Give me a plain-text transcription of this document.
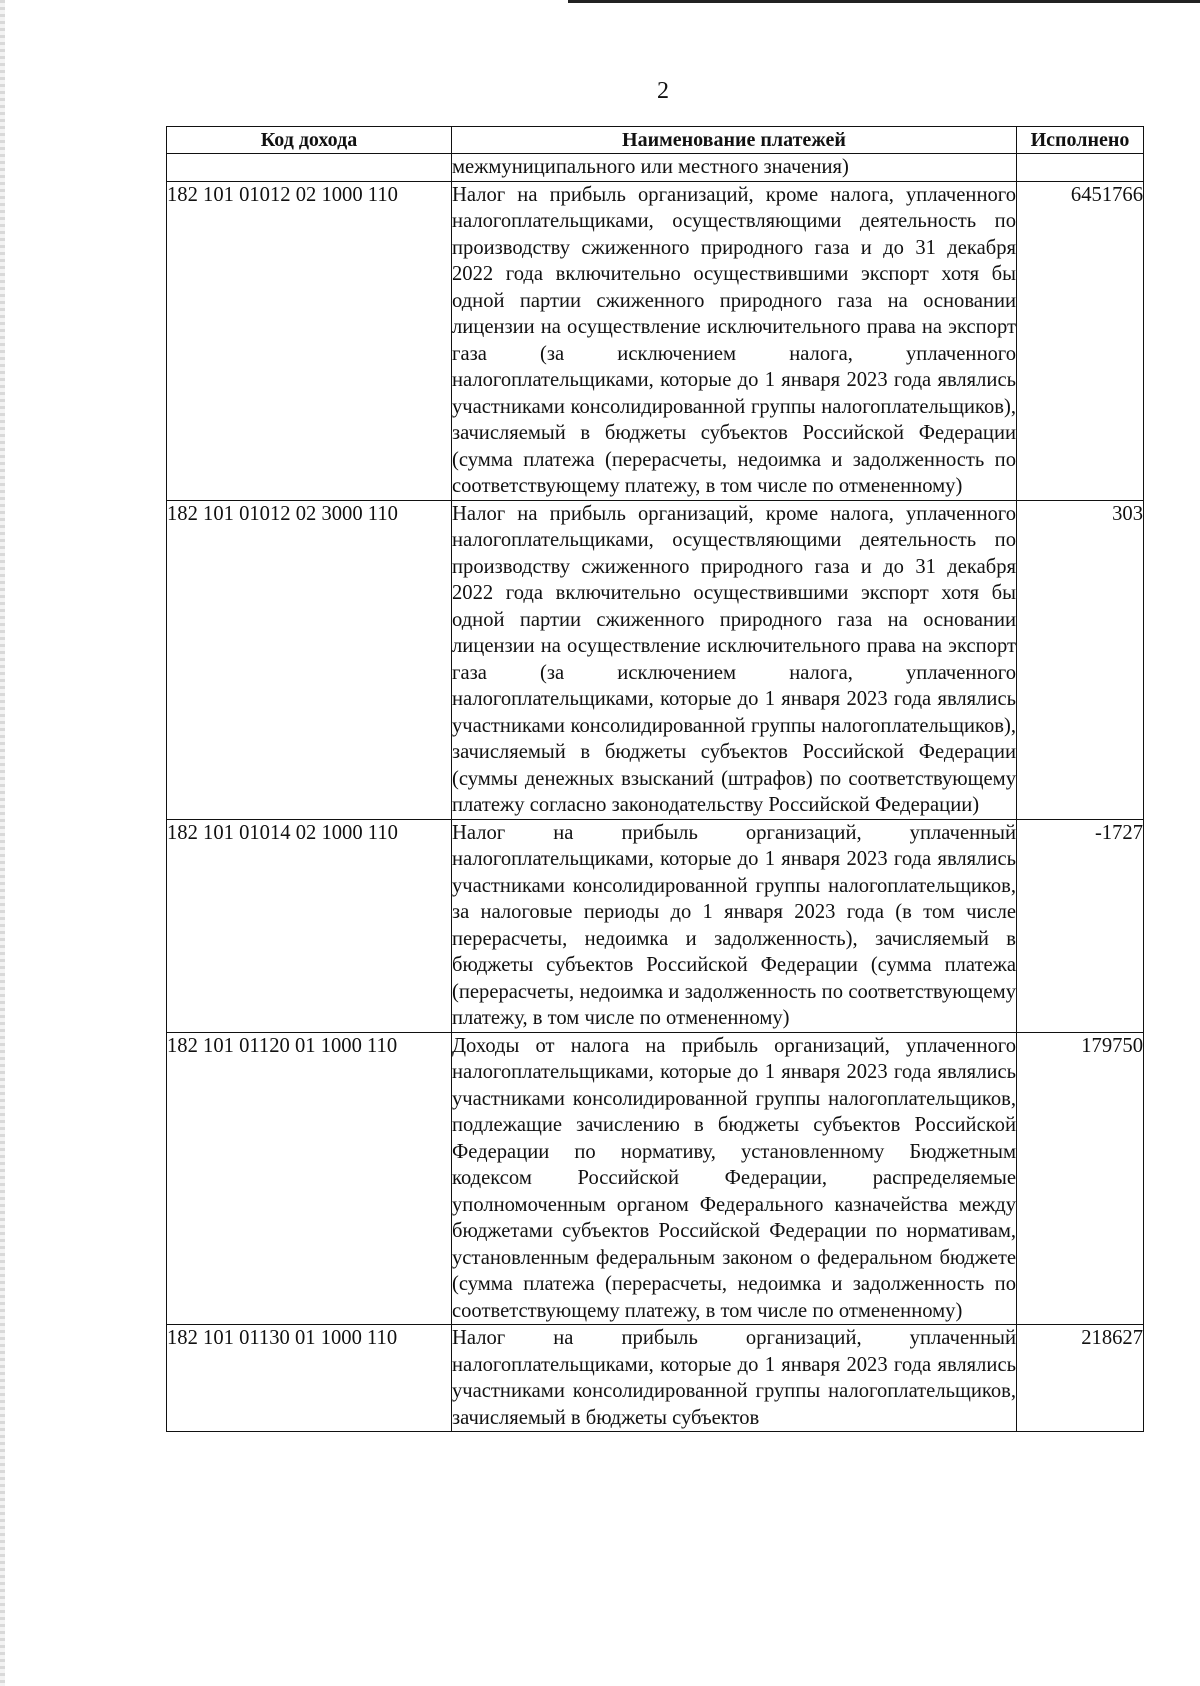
2
Код дохода	Наименование платежей	Исполнено
	межмуниципального или местного значения)	
182 101 01012 02 1000 110	Налог на прибыль организаций, кроме налога, уплаченного налогоплательщиками, осуществляющими деятельность по производству сжиженного природного газа и до 31 декабря 2022 года включительно осуществившими экспорт хотя бы одной партии сжиженного природного газа на основании лицензии на осуществление исключительного права на экспорт газа (за исключением налога, уплаченного налогоплательщиками, которые до 1 января 2023 года являлись участниками консолидированной группы налогоплательщиков), зачисляемый в бюджеты субъектов Российской Федерации (сумма платежа (перерасчеты, недоимка и задолженность по соответствующему платежу, в том числе по отмененному)	6451766
182 101 01012 02 3000 110	Налог на прибыль организаций, кроме налога, уплаченного налогоплательщиками, осуществляющими деятельность по производству сжиженного природного газа и до 31 декабря 2022 года включительно осуществившими экспорт хотя бы одной партии сжиженного природного газа на основании лицензии на осуществление исключительного права на экспорт газа (за исключением налога, уплаченного налогоплательщиками, которые до 1 января 2023 года являлись участниками консолидированной группы налогоплательщиков), зачисляемый в бюджеты субъектов Российской Федерации (суммы денежных взысканий (штрафов) по соответствующему платежу согласно законодательству Российской Федерации)	303
182 101 01014 02 1000 110	Налог на прибыль организаций, уплаченный налогоплательщиками, которые до 1 января 2023 года являлись участниками консолидированной группы налогоплательщиков, за налоговые периоды до 1 января 2023 года (в том числе перерасчеты, недоимка и задолженность), зачисляемый в бюджеты субъектов Российской Федерации (сумма платежа (перерасчеты, недоимка и задолженность по соответствующему платежу, в том числе по отмененному)	-1727
182 101 01120 01 1000 110	Доходы от налога на прибыль организаций, уплаченного налогоплательщиками, которые до 1 января 2023 года являлись участниками консолидированной группы налогоплательщиков, подлежащие зачислению в бюджеты субъектов Российской Федерации по нормативу, установленному Бюджетным кодексом Российской Федерации, распределяемые уполномоченным органом Федерального казначейства между бюджетами субъектов Российской Федерации по нормативам, установленным федеральным законом о федеральном бюджете (сумма платежа (перерасчеты, недоимка и задолженность по соответствующему платежу, в том числе по отмененному)	179750
182 101 01130 01 1000 110	Налог на прибыль организаций, уплаченный налогоплательщиками, которые до 1 января 2023 года являлись участниками консолидированной группы налогоплательщиков, зачисляемый в бюджеты субъектов	218627
